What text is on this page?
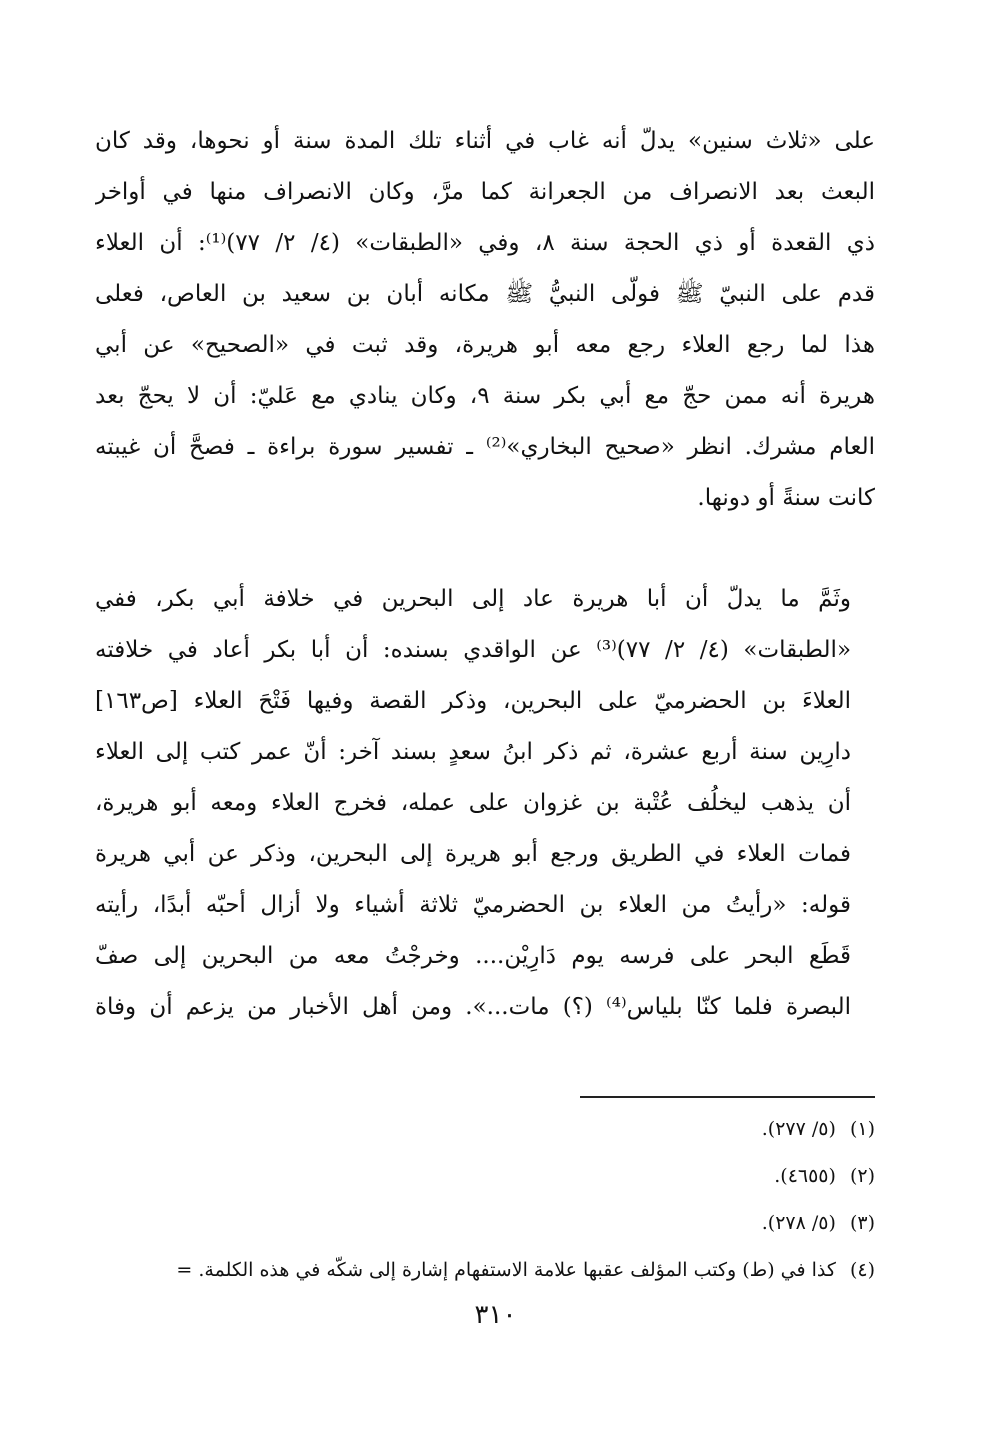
على «ثلاث سنين» يدلّ أنه غاب في أثناء تلك المدة سنة أو نحوها، وقد كان
البعث بعد الانصراف من الجعرانة كما مرَّ، وكان الانصراف منها في أواخر
ذي القعدة أو ذي الحجة سنة ٨، وفي «الطبقات» (٤/ ٢/ ٧٧)⁽¹⁾: أن العلاء
قدم على النبيّ ﷺ فولّى النبيُّ ﷺ مكانه أبان بن سعيد بن العاص، فعلى
هذا لما رجع العلاء رجع معه أبو هريرة، وقد ثبت في «الصحيح» عن أبي
هريرة أنه ممن حجّ مع أبي بكر سنة ٩، وكان ينادي مع عَليّ: أن لا يحجّ بعد
العام مشرك. انظر «صحيح البخاري»⁽²⁾ ـ تفسير سورة براءة ـ فصحَّ أن غيبته
كانت سنةً أو دونها.
وثَمَّ ما يدلّ أن أبا هريرة عاد إلى البحرين في خلافة أبي بكر، ففي
«الطبقات» (٤/ ٢/ ٧٧)⁽³⁾ عن الواقدي بسنده: أن أبا بكر أعاد في خلافته
العلاءَ بن الحضرميّ على البحرين، وذكر القصة وفيها فَتْحَ العلاء [ص١٦٣]
دارِين سنة أربع عشرة، ثم ذكر ابنُ سعدٍ بسند آخر: أنّ عمر كتب إلى العلاء
أن يذهب ليخلُف عُتْبة بن غزوان على عمله، فخرج العلاء ومعه أبو هريرة،
فمات العلاء في الطريق ورجع أبو هريرة إلى البحرين، وذكر عن أبي هريرة
قوله: «رأيتُ من العلاء بن الحضرميّ ثلاثة أشياء ولا أزال أحبّه أبدًا، رأيته
قَطَع البحر على فرسه يوم دَارِيْن.... وخرجْتُ معه من البحرين إلى صفّ
البصرة فلما كنّا بلياس⁽⁴⁾ (؟) مات...». ومن أهل الأخبار من يزعم أن وفاة
(١)(٥/ ٢٧٧).
(٢)(٤٦٥٥).
(٣)(٥/ ٢٧٨).
(٤)كذا في (ط) وكتب المؤلف عقبها علامة الاستفهام إشارة إلى شكّه في هذه الكلمة. =
٣١٠
